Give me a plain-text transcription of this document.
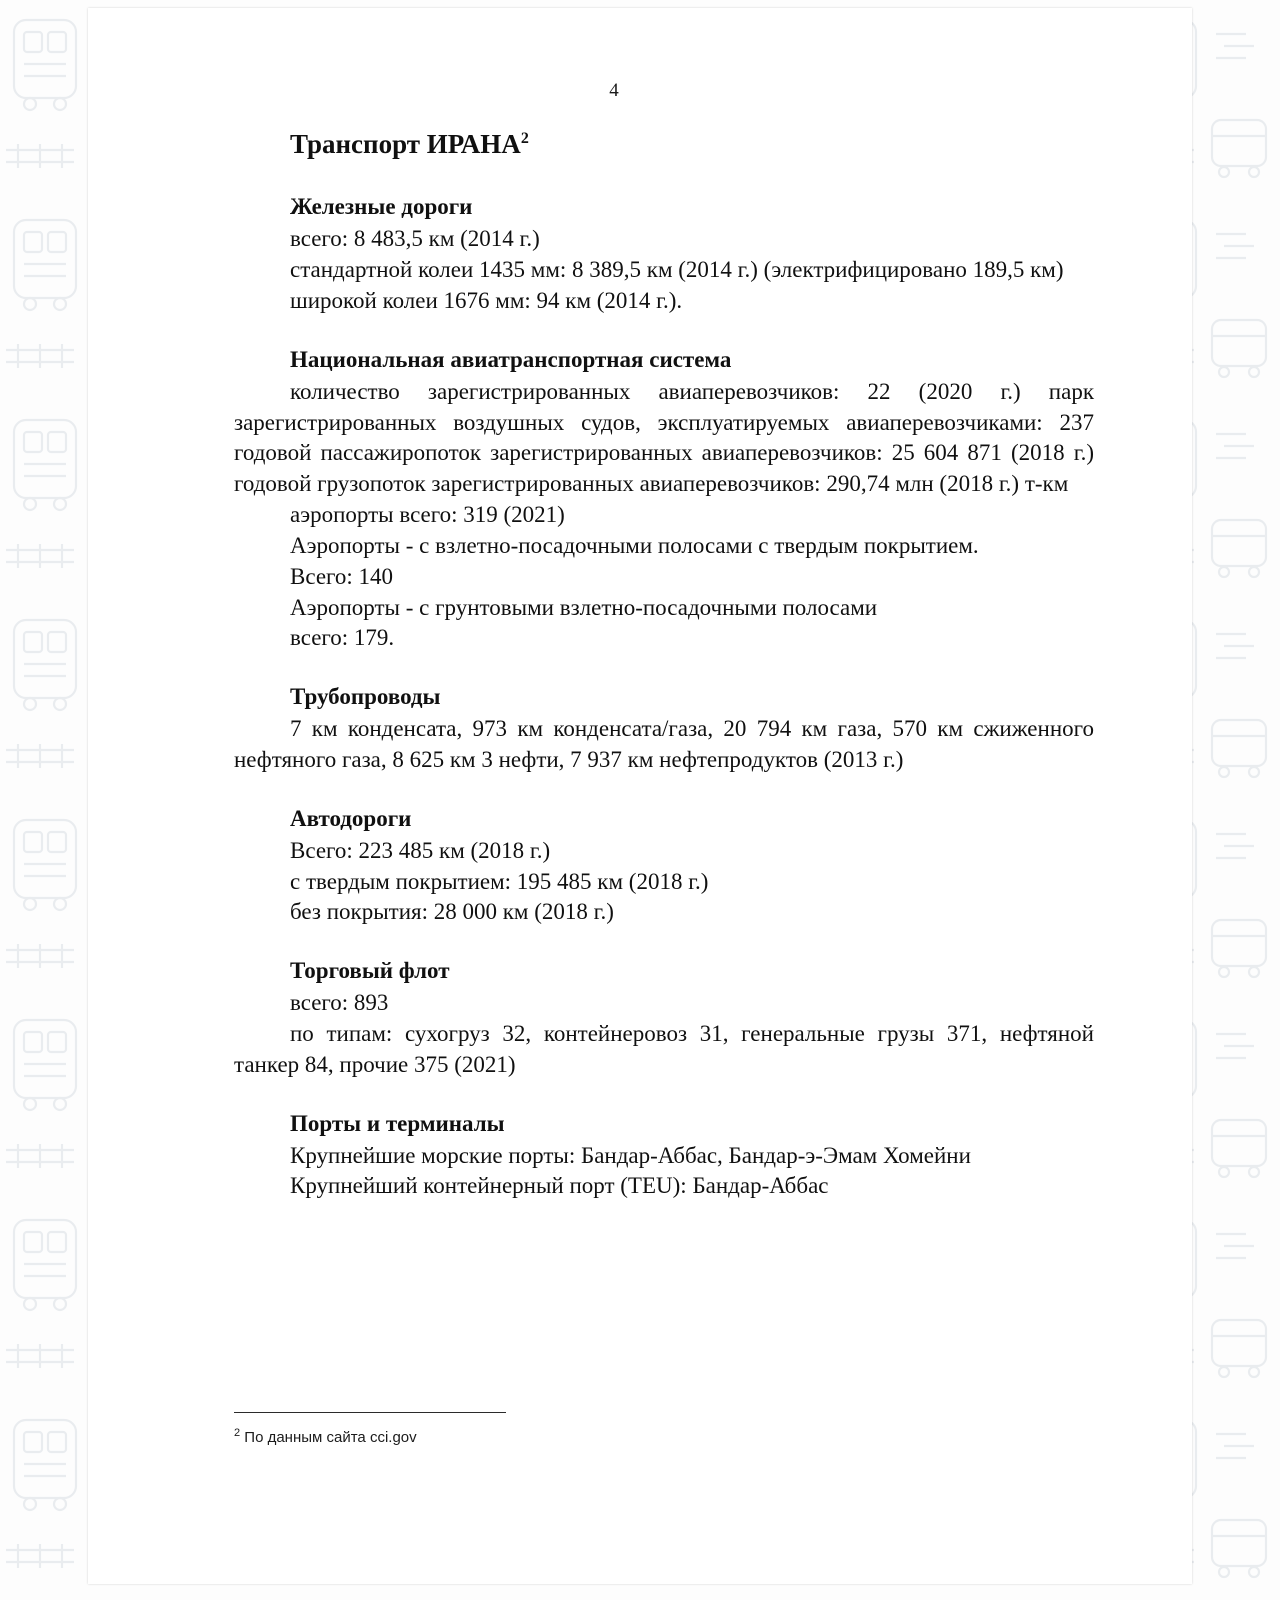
4
Транспорт ИРАНА$^2$
Железные дороги

всего: 8 483,5 км (2014 г.)

стандартной колеи 1435 мм: 8 389,5 км (2014 г.) (электрифицировано 189,5 км)

широкой колеи 1676 мм: 94 км (2014 г.).

Национальная авиатранспортная система

количество зарегистрированных авиаперевозчиков: 22 (2020 г.) парк зарегистрированных воздушных судов, эксплуатируемых авиаперевозчиками: 237 годовой пассажиропоток зарегистрированных авиаперевозчиков: 25 604 871 (2018 г.) годовой грузопоток зарегистрированных авиаперевозчиков: 290,74 млн (2018 г.) т-км

аэропорты всего: 319 (2021)

Аэропорты - с взлетно-посадочными полосами с твердым покрытием.

Всего: 140

Аэропорты - с грунтовыми взлетно-посадочными полосами

всего: 179.

Трубопроводы

7 км конденсата, 973 км конденсата/газа, 20 794 км газа, 570 км сжиженного нефтяного газа, 8 625 км 3 нефти, 7 937 км нефтепродуктов (2013 г.)

Автодороги

Всего: 223 485 км (2018 г.)

с твердым покрытием: 195 485 км (2018 г.)

без покрытия: 28 000 км (2018 г.)

Торговый флот

всего: 893

по типам: сухогруз 32, контейнеровоз 31, генеральные грузы 371, нефтяной танкер 84, прочие 375 (2021)

Порты и терминалы

Крупнейшие морские порты: Бандар-Аббас, Бандар-э-Эмам Хомейни

Крупнейший контейнерный порт (TEU): Бандар-Аббас

$^2$ По данным сайта cci.gov
